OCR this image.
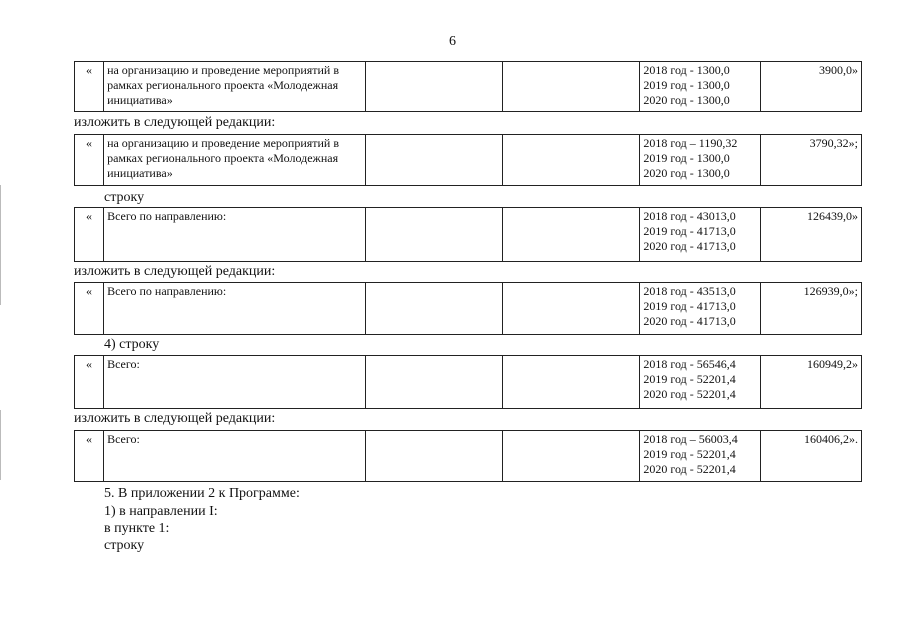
6
«	на организацию и проведение мероприятий в
рамках регионального проекта «Молодежная
инициатива»

2018 год - 1300,0
2019 год - 1300,0
2020 год - 1300,0
	3900,0»
изложить в следующей редакции:
«	на организацию и проведение мероприятий в
рамках регионального проекта «Молодежная
инициатива»

2018 год – 1190,32
2019 год - 1300,0
2020 год - 1300,0
	3790,32»;
строку
«	Всего по направлению:			2018 год - 43013,0
2019 год - 41713,0
2020 год - 41713,0
	126439,0»
изложить в следующей редакции:
«	Всего по направлению:			2018 год - 43513,0
2019 год - 41713,0
2020 год - 41713,0
	126939,0»;
4) строку
«	Всего:			2018 год - 56546,4
2019 год - 52201,4
2020 год - 52201,4
	160949,2»
изложить в следующей редакции:
«	Всего:			2018 год – 56003,4
2019 год - 52201,4
2020 год - 52201,4
	160406,2».
5. В приложении 2 к Программе:
1) в направлении I:
в пункте 1:
строку
